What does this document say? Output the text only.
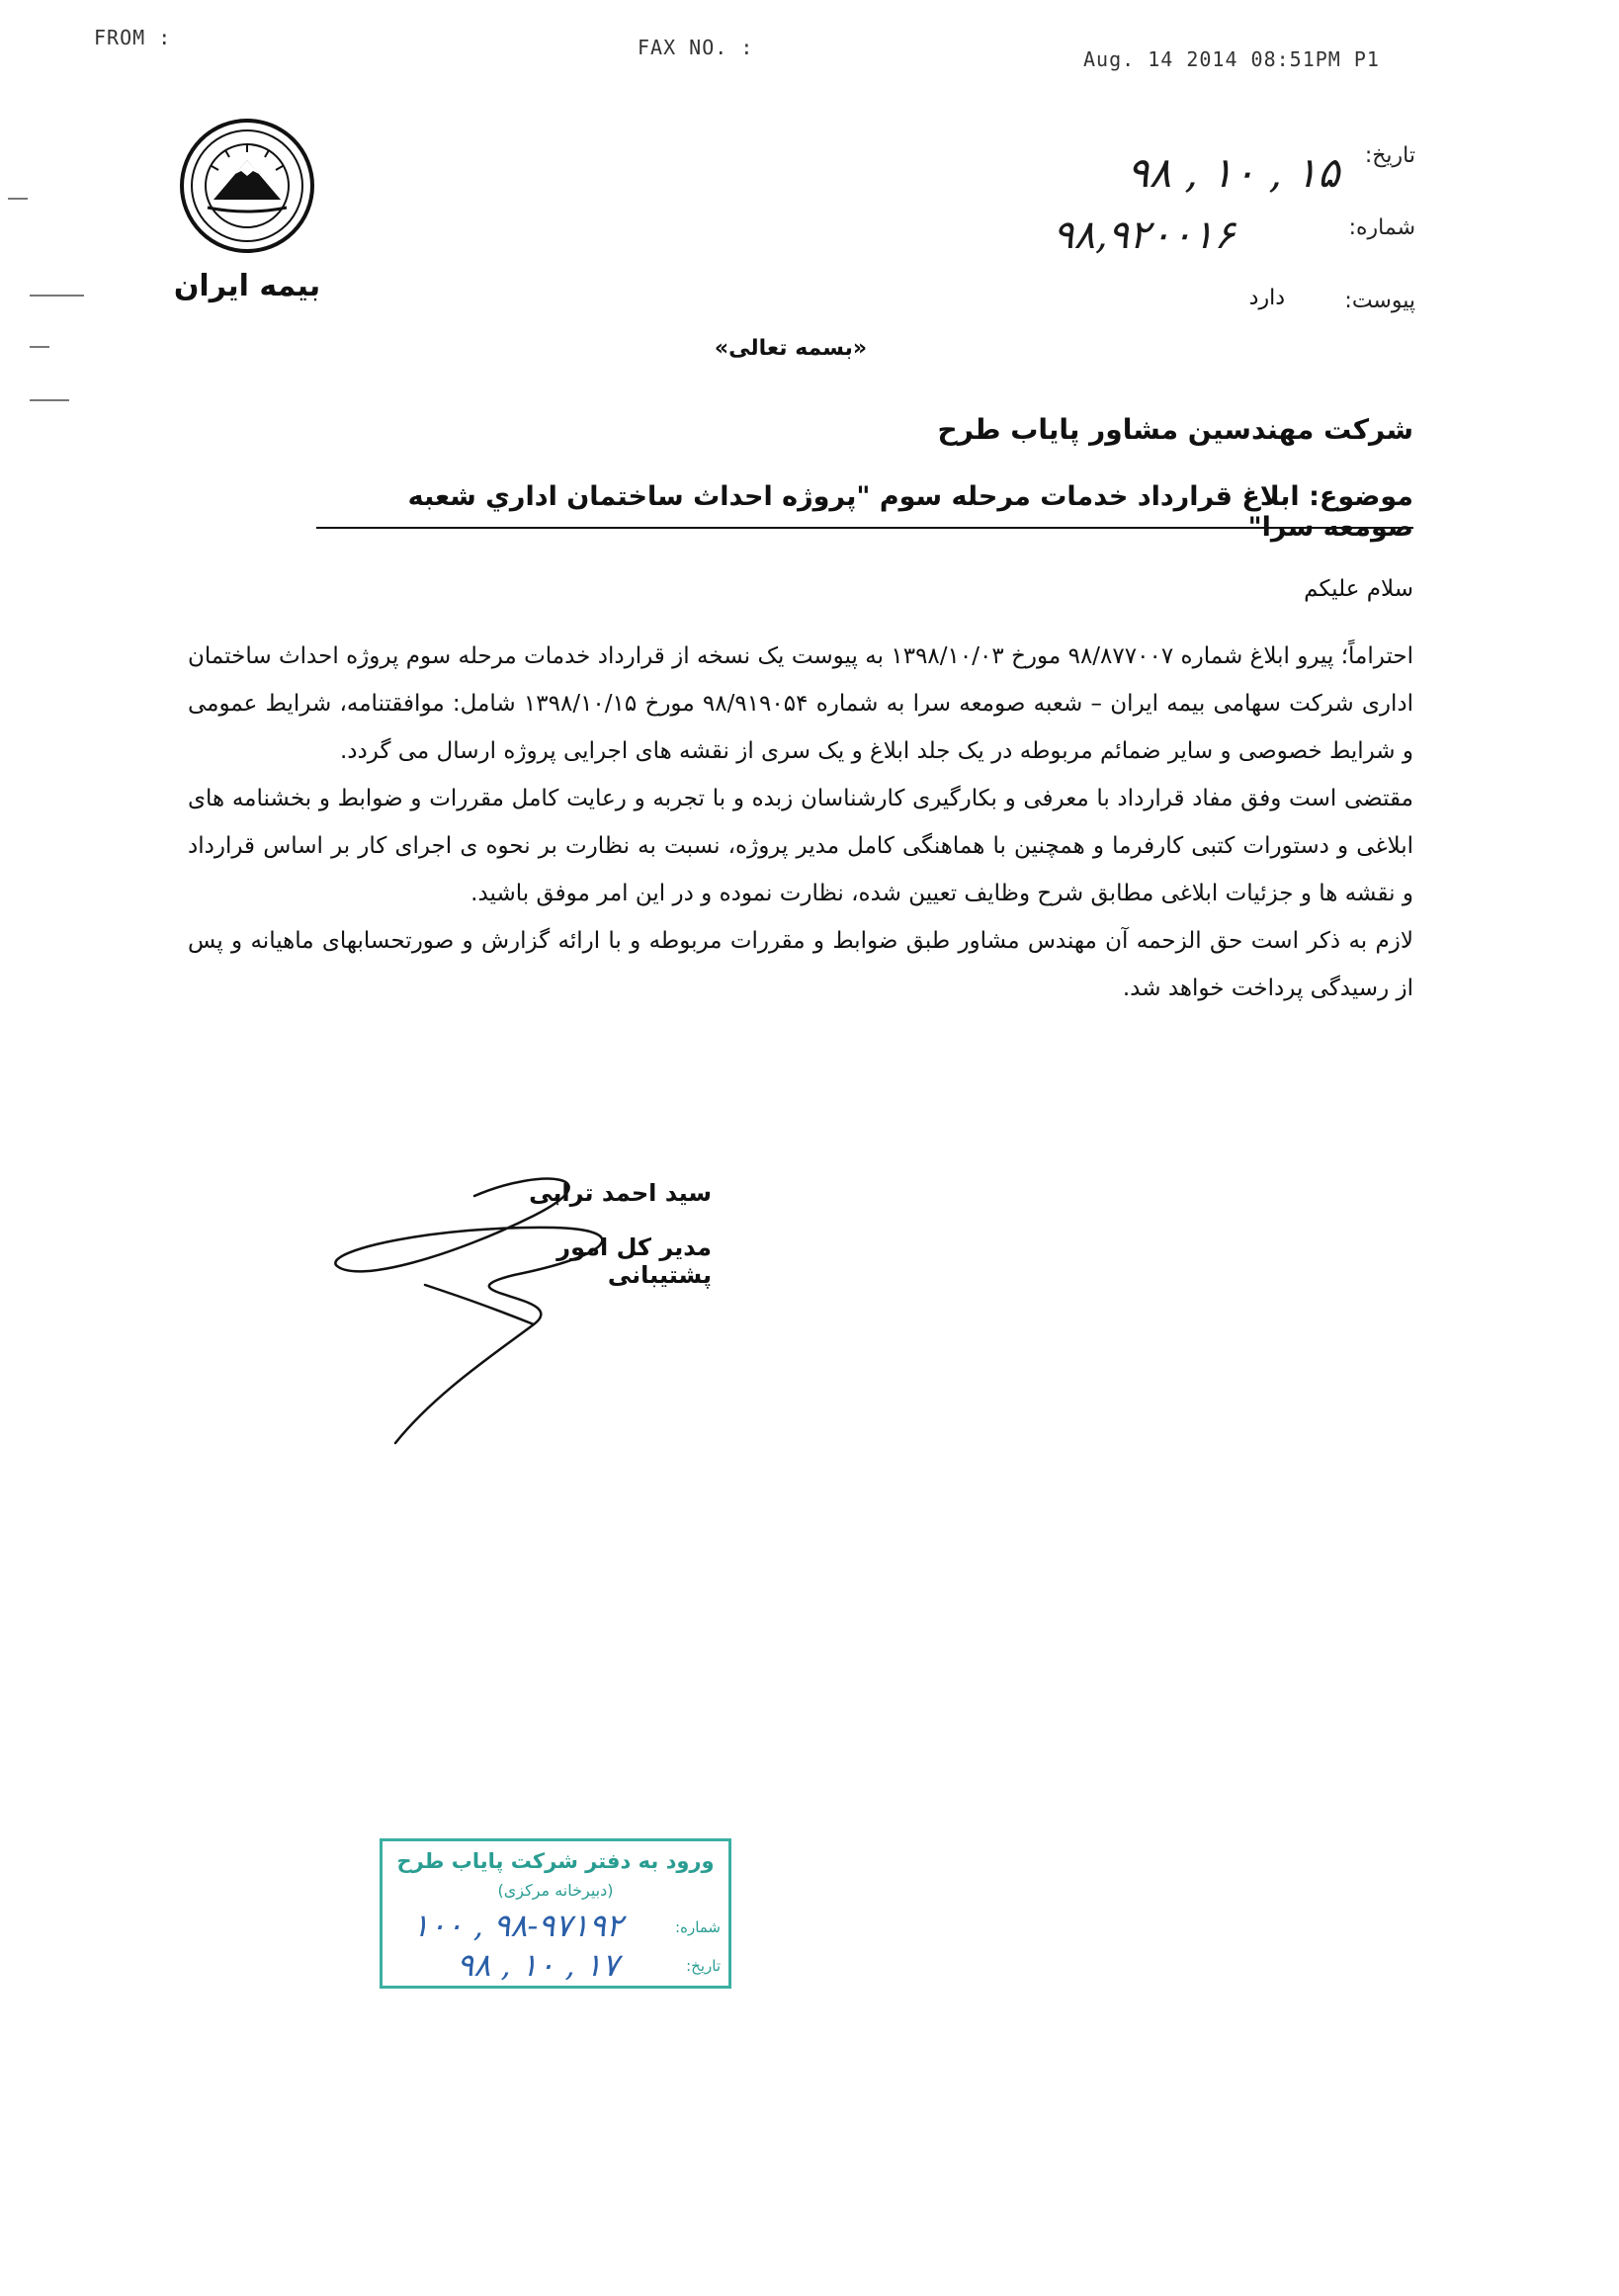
FROM :	FAX NO. :	Aug. 14 2014 08:51PM P1
بیمه ایران
تاریخ:
۹۸ , ۱۰ , ۱۵
شماره:
۹۸,۹۲۰۰۱۶
پیوست:
دارد
«بسمه تعالی»
شرکت مهندسین مشاور پایاب طرح
موضوع: ابلاغ قرارداد خدمات مرحله سوم "پروژه احداث ساختمان اداري شعبه صومعه سرا"
سلام علیکم

احتراماً؛ پیرو ابلاغ شماره ۹۸/۸۷۷۰۰۷ مورخ ۱۳۹۸/۱۰/۰۳ به پیوست یک نسخه از قرارداد خدمات مرحله سوم پروژه احداث ساختمان اداری شرکت سهامی بیمه ایران – شعبه صومعه سرا به شماره ۹۸/۹۱۹۰۵۴ مورخ ۱۳۹۸/۱۰/۱۵ شامل: موافقتنامه، شرایط عمومی و شرایط خصوصی و سایر ضمائم مربوطه در یک جلد ابلاغ و یک سری از نقشه های اجرایی پروژه ارسال می گردد.

مقتضی است وفق مفاد قرارداد با معرفی و بکارگیری کارشناسان زبده و با تجربه و رعایت کامل مقررات و ضوابط و بخشنامه های ابلاغی و دستورات کتبی کارفرما و همچنین با هماهنگی کامل مدیر پروژه، نسبت به نظارت بر نحوه ی اجرای کار بر اساس قرارداد و نقشه ها و جزئیات ابلاغی مطابق شرح وظایف تعیین شده، نظارت نموده و در این امر موفق باشید.

لازم به ذکر است حق الزحمه آن مهندس مشاور طبق ضوابط و مقررات مربوطه و با ارائه گزارش و صورتحسابهای ماهیانه و پس از رسیدگی پرداخت خواهد شد.

سید احمد ترابی
مدیر کل امور پشتیبانی
ورود به دفتر شرکت پایاب طرح
(دبیرخانه مرکزی)
شماره:
۱۰۰ , ۹۸-۹۷۱۹۲
تاریخ:
۹۸ , ۱۰ , ۱۷
